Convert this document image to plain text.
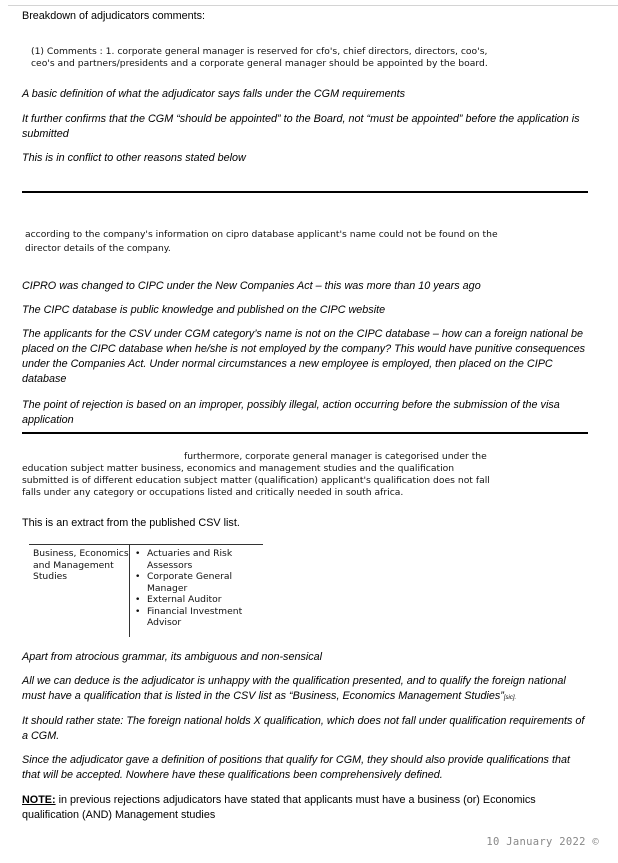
Breakdown of adjudicators comments:

(1) Comments : 1. corporate general manager is reserved for cfo's, chief directors, directors, coo's,

ceo's and partners/presidents and a corporate general manager should be appointed by the board.

A basic definition of what the adjudicator says falls under the CGM requirements

It further confirms that the CGM “should be appointed” to the Board, not “must be appointed” before the application is submitted

This is in conflict to other reasons stated below

according to the company's information on cipro database applicant's name could not be found on the

director details of the company.

CIPRO was changed to CIPC under the New Companies Act – this was more than 10 years ago

The CIPC database is public knowledge and published on the CIPC website

The applicants for the CSV under CGM category’s name is not on the CIPC database – how can a foreign national be placed on the CIPC database when he/she is not employed by the company? This would have punitive consequences under the Companies Act. Under normal circumstances a new employee is employed, then placed on the CIPC database

The point of rejection is based on an improper, possibly illegal, action occurring before the submission of the visa application

furthermore, corporate general manager is categorised under the

education subject matter business, economics and management studies and the qualification

submitted is of different education subject matter (qualification) applicant's qualification does not fall

falls under any category or occupations listed and critically needed in south africa.

This is an extract from the published CSV list.

Business, Economics and Management Studies
• Actuaries and Risk Assessors
• Corporate General Manager
• External Auditor
• Financial Investment Advisor

Apart from atrocious grammar, its ambiguous and non-sensical

All we can deduce is the adjudicator is unhappy with the qualification presented, and to qualify the foreign national must have a qualification that is listed in the CSV list as “Business, Economics Management Studies”[sic].

It should rather state: The foreign national holds X qualification, which does not fall under qualification requirements of a CGM.

Since the adjudicator gave a definition of positions that qualify for CGM, they should also provide qualifications that that will be accepted. Nowhere have these qualifications been comprehensively defined.

NOTE: in previous rejections adjudicators have stated that applicants must have a business (or) Economics qualification (AND) Management studies

10 January 2022 ©
